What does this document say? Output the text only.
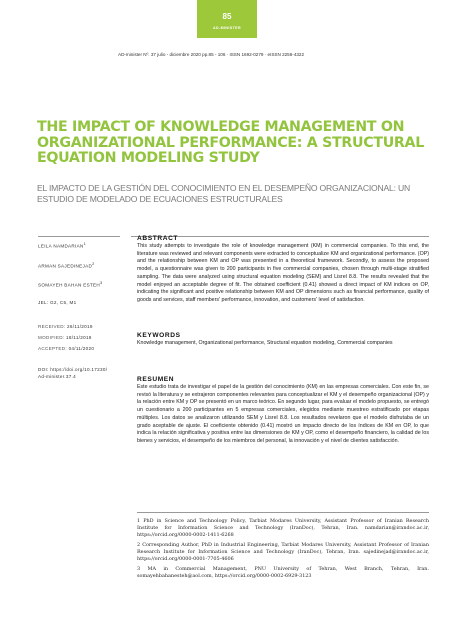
85
AD-MINISTER
AD-minister Nº. 37 julio - diciembre 2020 pp.85 - 106 · ISSN 1692-0279 · eISSN 2256-4322
THE IMPACT OF KNOWLEDGE MANAGEMENT ON ORGANIZATIONAL PERFORMANCE: A STRUCTURAL EQUATION MODELING STUDY

EL IMPACTO DE LA GESTIÓN DEL CONOCIMIENTO EN EL DESEMPEÑO ORGANIZACIONAL: UN ESTUDIO DE MODELADO DE ECUACIONES ESTRUCTURALES

LEILA NAMDARIAN$^1$
ARMAN SAJEDINEJAD$^2$
SOMAYEH BAHAN ESTEH$^3$
JEL: G2, C5, M1
RECEIVED: 26/11/2019
MODIFIED: 18/11/2019
ACCEPTED: 04/11/2020
DOI: https://doi.org/10.17230/
Ad-minister.37.4
ABSTRACT

This study attempts to investigate the role of knowledge management (KM) in commercial companies. To this end, the literature was reviewed and relevant components were extracted to conceptualize KM and organizational performance. (OP) and the relationship between KM and OP was presented in a theoretical framework. Secondly, to assess the proposed model, a questionnaire was given to 200 participants in five commercial companies, chosen through multi-stage stratified sampling. The data were analyzed using structural equation modeling (SEM) and Lisrel 8.8. The results revealed that the model enjoyed an acceptable degree of fit. The obtained coefficient (0.41) showed a direct impact of KM indices on OP, indicating the significant and positive relationship between KM and OP dimensions such as financial performance, quality of goods and services, staff members' performance, innovation, and customers' level of satisfaction.

KEYWORDS

Knowledge management, Organizational performance, Structural equation modeling, Commercial companies

RESUMEN

Este estudio trata de investigar el papel de la gestión del conocimiento (KM) en las empresas comerciales. Con este fin, se revisó la literatura y se extrajeron componentes relevantes para conceptualizar el KM y el desempeño organizacional (OP) y la relación entre KM y OP se presentó en un marco teórico. En segundo lugar, para evaluar el modelo propuesto, se entregó un cuestionario a 200 participantes en 5 empresas comerciales, elegidos mediante muestreo estratificado por etapas múltiples. Los datos se analizaron utilizando SEM y Lisrel 8.8. Los resultados revelaron que el modelo disfrutaba de un grado aceptable de ajuste. El coeficiente obtenido (0.41) mostró un impacto directo de los índices de KM en OP, lo que indica la relación significativa y positiva entre las dimensiones de KM y OP, como el desempeño financiero, la calidad de los bienes y servicios, el desempeño de los miembros del personal, la innovación y el nivel de clientes satisfacción.

1 PhD in Science and Technology Policy, Tarbiat Modares University, Assistant Professor of Iranian Research Institute for Information Science and Technology (IranDoc), Tehran, Iran. namdarian@irandoc.ac.ir, https://orcid.org/0000-0002-1411-6268

2 Corresponding Author, PhD in Industrial Engineering, Tarbiat Modares University, Assistant Professor of Iranian Research Institute for Information Science and Technology (IranDoc), Tehran, Iran. sajedinejad@irandoc.ac.ir, https://orcid.org/0000-0001-7705-4606

3 MA in Commercial Management, PNU University of Tehran, West Branch, Tehran, Iran. somayehbahanesteh@aol.com, https://orcid.org/0000-0002-6929-3123
